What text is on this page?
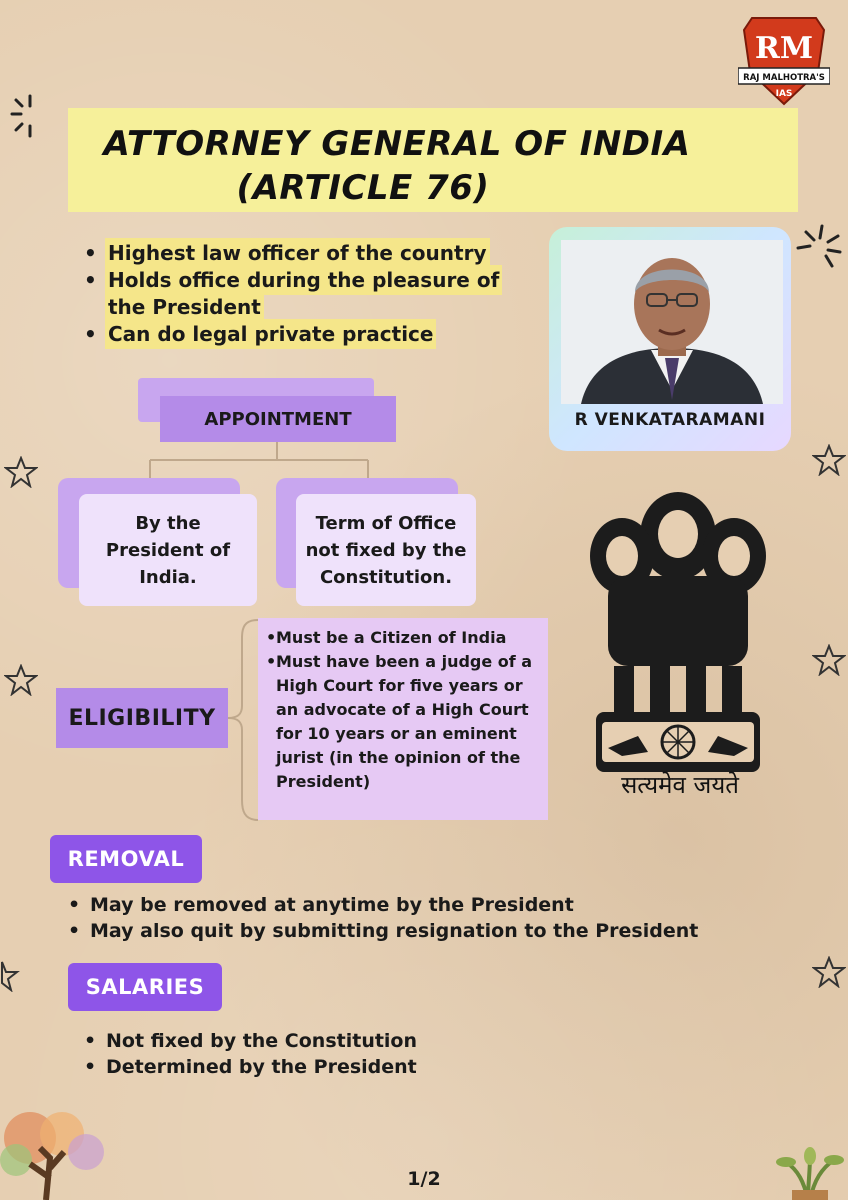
RM
RAJ MALHOTRA'S
IAS
ATTORNEY GENERAL OF INDIA
(ARTICLE 76)
• Highest law officer of the country
• Holds office during the pleasure of the President
• Can do legal private practice
R VENKATARAMANI
APPOINTMENT
By the
President of
India.
Term of Office
not fixed by the
Constitution.
ELIGIBILITY
• Must be a Citizen of India
• Must have been a judge of a High Court for five years or an advocate of a High Court for 10 years or an eminent jurist (in the opinion of the President)	सत्यमेव जयते
REMOVAL
• May be removed at anytime by the President
• May also quit by submitting resignation to the President
SALARIES
• Not fixed by the Constitution
• Determined by the President
1/2
